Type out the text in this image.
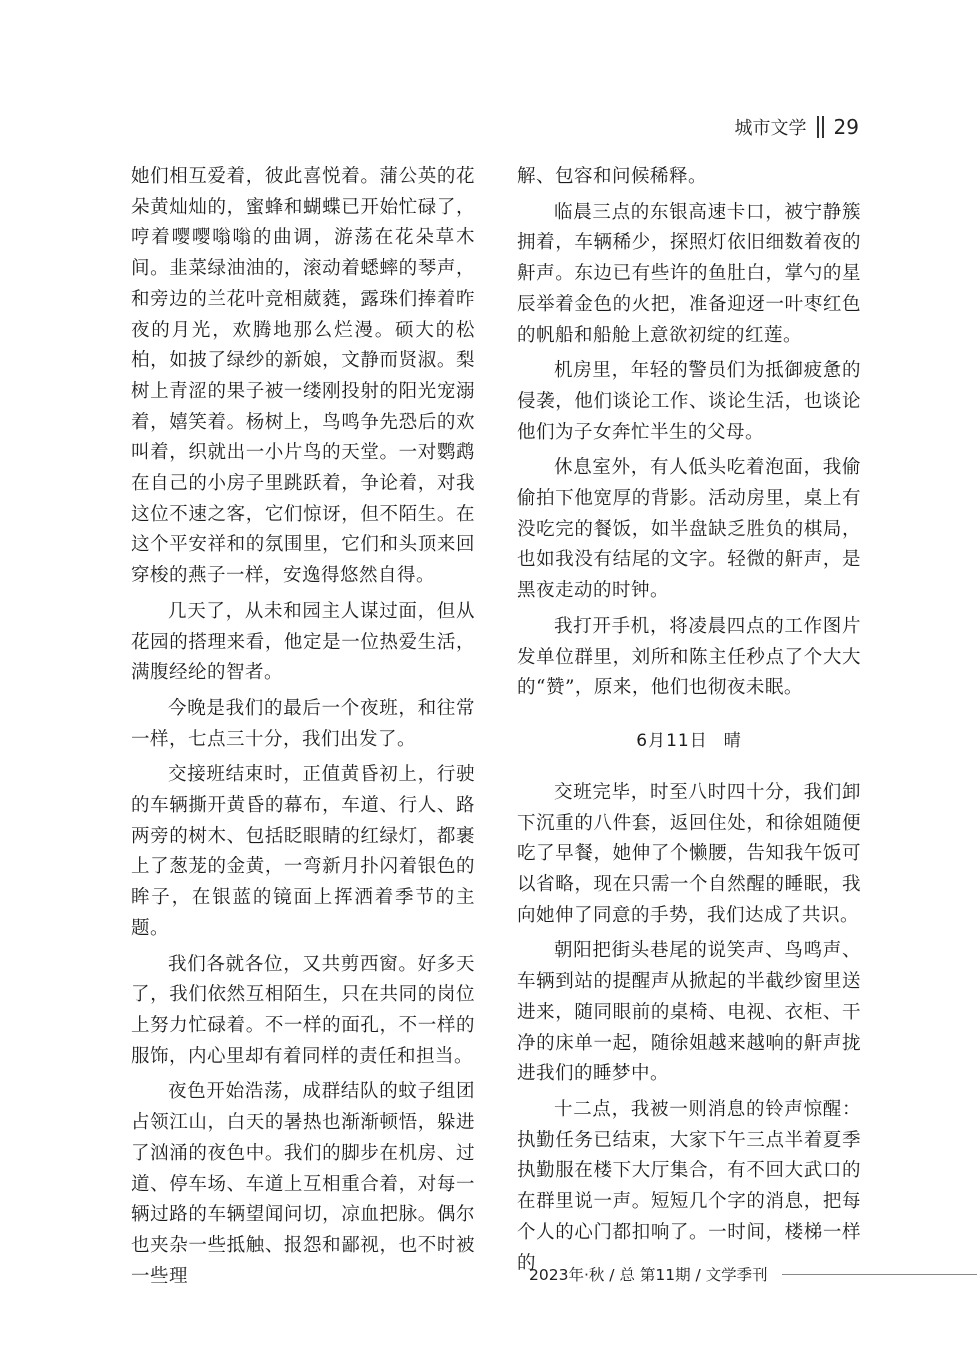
城市文学 29

她们相互爱着，彼此喜悦着。蒲公英的花朵黄灿灿的，蜜蜂和蝴蝶已开始忙碌了，哼着嘤嘤嗡嗡的曲调，游荡在花朵草木间。韭菜绿油油的，滚动着蟋蟀的琴声，和旁边的兰花叶竞相葳蕤，露珠们捧着昨夜的月光，欢腾地那么烂漫。硕大的松柏，如披了绿纱的新娘，文静而贤淑。梨树上青涩的果子被一缕刚投射的阳光宠溺着，嬉笑着。杨树上，鸟鸣争先恐后的欢叫着，织就出一小片鸟的天堂。一对鹦鹉在自己的小房子里跳跃着，争论着，对我这位不速之客，它们惊讶，但不陌生。在这个平安祥和的氛围里，它们和头顶来回穿梭的燕子一样，安逸得悠然自得。

几天了，从未和园主人谋过面，但从花园的搭理来看，他定是一位热爱生活，满腹经纶的智者。

今晚是我们的最后一个夜班，和往常一样，七点三十分，我们出发了。

交接班结束时，正值黄昏初上，行驶的车辆撕开黄昏的幕布，车道、行人、路两旁的树木、包括眨眼睛的红绿灯，都裹上了葱茏的金黄，一弯新月扑闪着银色的眸子，在银蓝的镜面上挥洒着季节的主题。

我们各就各位，又共剪西窗。好多天了，我们依然互相陌生，只在共同的岗位上努力忙碌着。不一样的面孔，不一样的服饰，内心里却有着同样的责任和担当。

夜色开始浩荡，成群结队的蚊子组团占领江山，白天的暑热也渐渐顿悟，躲进了汹涌的夜色中。我们的脚步在机房、过道、停车场、车道上互相重合着，对每一辆过路的车辆望闻问切，凉血把脉。偶尔也夹杂一些抵触、报怨和鄙视，也不时被一些理

解、包容和问候稀释。

临晨三点的东银高速卡口，被宁静簇拥着，车辆稀少，探照灯依旧细数着夜的鼾声。东边已有些许的鱼肚白，掌勺的星辰举着金色的火把，准备迎迓一叶枣红色的帆船和船舱上意欲初绽的红莲。

机房里，年轻的警员们为抵御疲惫的侵袭，他们谈论工作、谈论生活，也谈论他们为子女奔忙半生的父母。

休息室外，有人低头吃着泡面，我偷偷拍下他宽厚的背影。活动房里，桌上有没吃完的餐饭，如半盘缺乏胜负的棋局，也如我没有结尾的文字。轻微的鼾声，是黑夜走动的时钟。

我打开手机，将凌晨四点的工作图片发单位群里，刘所和陈主任秒点了个大大的“赞”，原来，他们也彻夜未眠。

6月11日 晴

交班完毕，时至八时四十分，我们卸下沉重的八件套，返回住处，和徐姐随便吃了早餐，她伸了个懒腰，告知我午饭可以省略，现在只需一个自然醒的睡眠，我向她伸了同意的手势，我们达成了共识。

朝阳把街头巷尾的说笑声、鸟鸣声、车辆到站的提醒声从掀起的半截纱窗里送进来，随同眼前的桌椅、电视、衣柜、干净的床单一起，随徐姐越来越响的鼾声拢进我们的睡梦中。

十二点，我被一则消息的铃声惊醒：执勤任务已结束，大家下午三点半着夏季执勤服在楼下大厅集合，有不回大武口的在群里说一声。短短几个字的消息，把每个人的心门都扣响了。一时间，楼梯一样的

2023年·秋 / 总 第11期 / 文学季刊
